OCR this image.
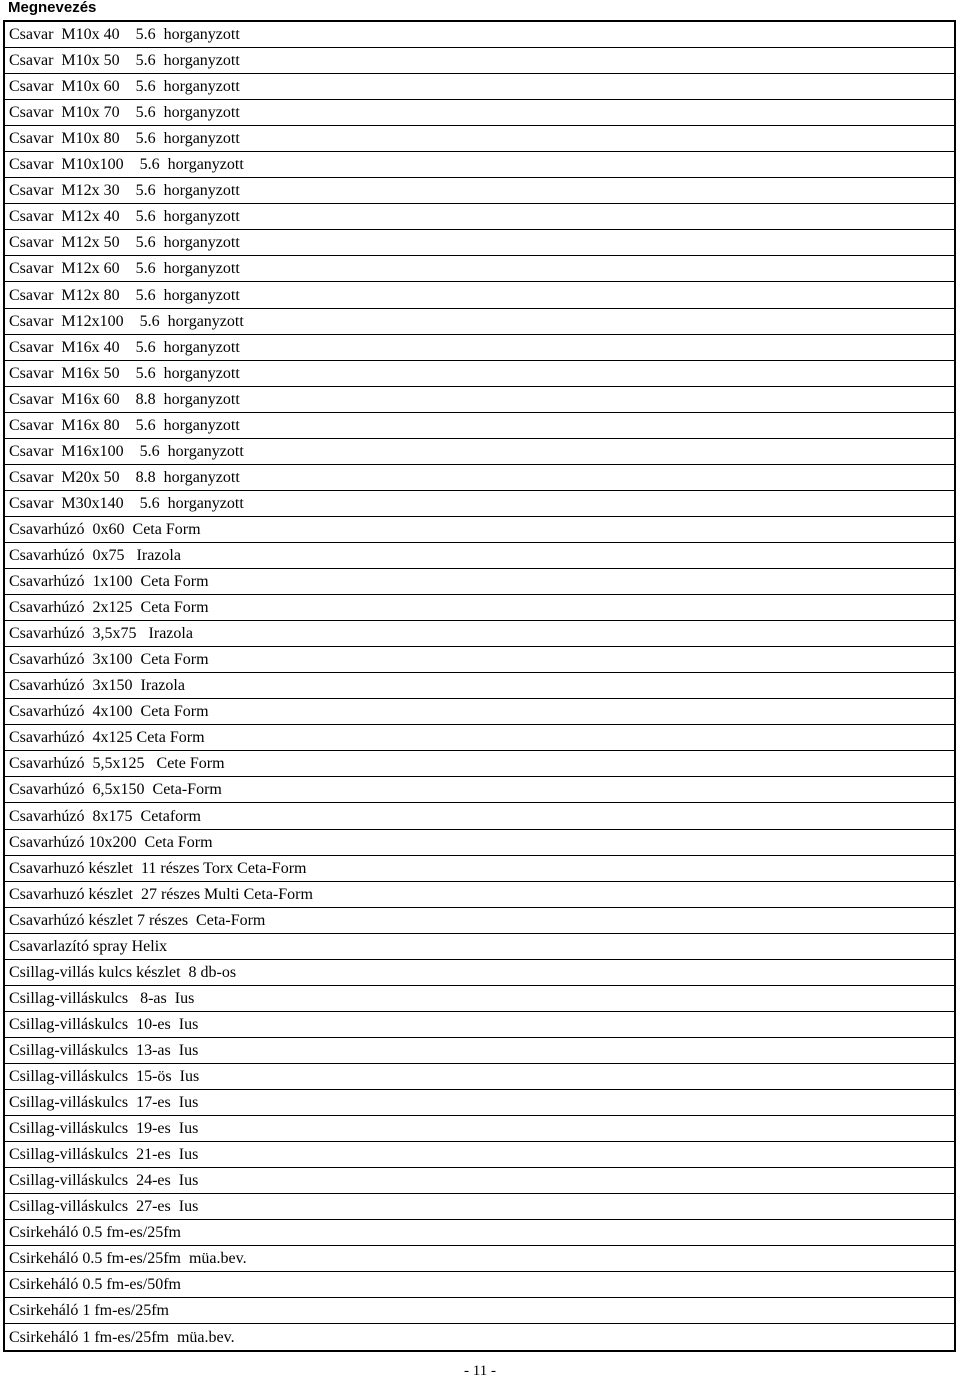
Megnevezés
Csavar  M10x 40    5.6  horganyzott
Csavar  M10x 50    5.6  horganyzott
Csavar  M10x 60    5.6  horganyzott
Csavar  M10x 70    5.6  horganyzott
Csavar  M10x 80    5.6  horganyzott
Csavar  M10x100    5.6  horganyzott
Csavar  M12x 30    5.6  horganyzott
Csavar  M12x 40    5.6  horganyzott
Csavar  M12x 50    5.6  horganyzott
Csavar  M12x 60    5.6  horganyzott
Csavar  M12x 80    5.6  horganyzott
Csavar  M12x100    5.6  horganyzott
Csavar  M16x 40    5.6  horganyzott
Csavar  M16x 50    5.6  horganyzott
Csavar  M16x 60    8.8  horganyzott
Csavar  M16x 80    5.6  horganyzott
Csavar  M16x100    5.6  horganyzott
Csavar  M20x 50    8.8  horganyzott
Csavar  M30x140    5.6  horganyzott
Csavarhúzó  0x60  Ceta Form
Csavarhúzó  0x75   Irazola
Csavarhúzó  1x100  Ceta Form
Csavarhúzó  2x125  Ceta Form
Csavarhúzó  3,5x75   Irazola
Csavarhúzó  3x100  Ceta Form
Csavarhúzó  3x150  Irazola
Csavarhúzó  4x100  Ceta Form
Csavarhúzó  4x125 Ceta Form
Csavarhúzó  5,5x125   Cete Form
Csavarhúzó  6,5x150  Ceta-Form
Csavarhúzó  8x175  Cetaform
Csavarhúzó 10x200  Ceta Form
Csavarhuzó készlet  11 részes Torx Ceta-Form
Csavarhuzó készlet  27 részes Multi Ceta-Form
Csavarhúzó készlet 7 részes  Ceta-Form
Csavarlazító spray Helix
Csillag-villás kulcs készlet  8 db-os
Csillag-villáskulcs   8-as  Ius
Csillag-villáskulcs  10-es  Ius
Csillag-villáskulcs  13-as  Ius
Csillag-villáskulcs  15-ös  Ius
Csillag-villáskulcs  17-es  Ius
Csillag-villáskulcs  19-es  Ius
Csillag-villáskulcs  21-es  Ius
Csillag-villáskulcs  24-es  Ius
Csillag-villáskulcs  27-es  Ius
Csirkeháló 0.5 fm-es/25fm
Csirkeháló 0.5 fm-es/25fm  müa.bev.
Csirkeháló 0.5 fm-es/50fm
Csirkeháló 1 fm-es/25fm
Csirkeháló 1 fm-es/25fm  müa.bev.
- 11 -
